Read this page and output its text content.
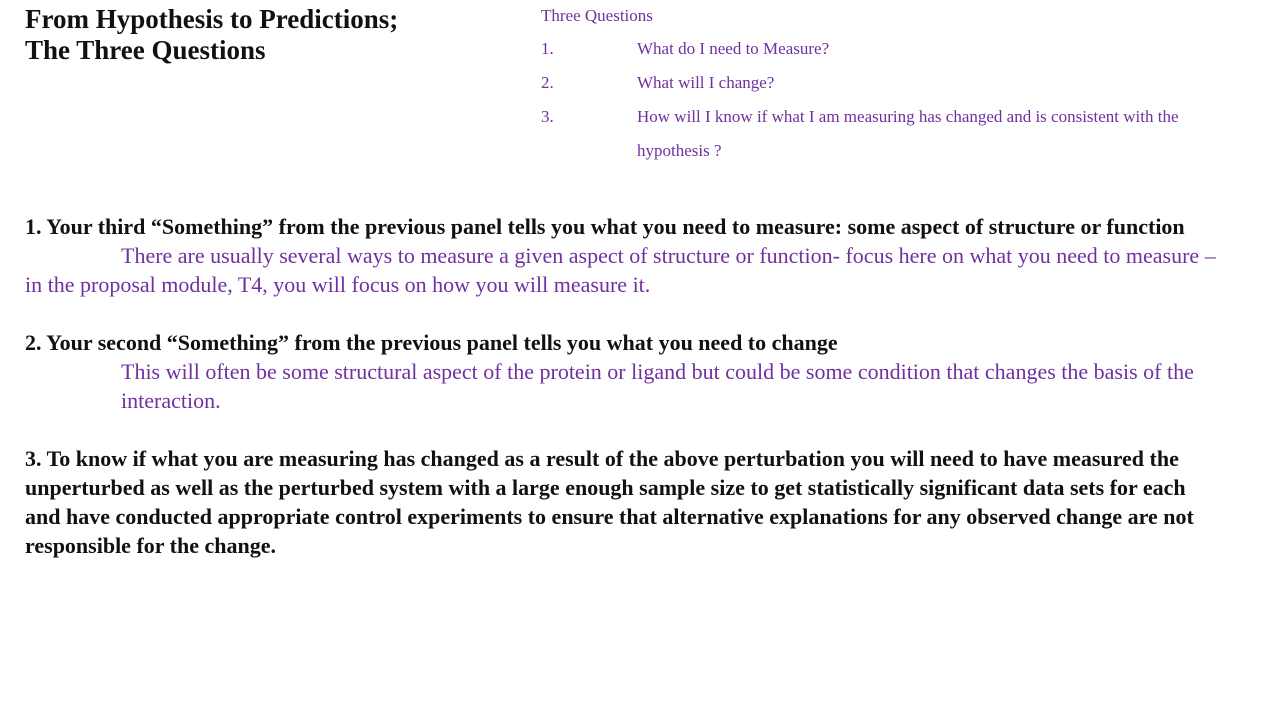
From Hypothesis to Predictions;
The Three Questions
Three Questions
1.	What do I need to Measure?
2.	What will I change?
3.	How will I know if what I am measuring has changed and is consistent with the hypothesis ?

1. Your third “Something” from the previous panel tells you what you need to measure: some aspect of structure or function

There are usually several ways to measure a given aspect of structure or function- focus here on what you need to measure – in the proposal module, T4, you will focus on how you will measure it.

2. Your second “Something” from the previous panel tells you what you need to change

This will often be some structural aspect of the protein or ligand but could be some condition that changes the basis of the interaction.

3. To know if what you are measuring has changed as a result of the above perturbation you will need to have measured the unperturbed as well as the perturbed system with a large enough sample size to get statistically significant data sets for each and have conducted appropriate control experiments to ensure that alternative explanations for any observed change are not responsible for the change.
